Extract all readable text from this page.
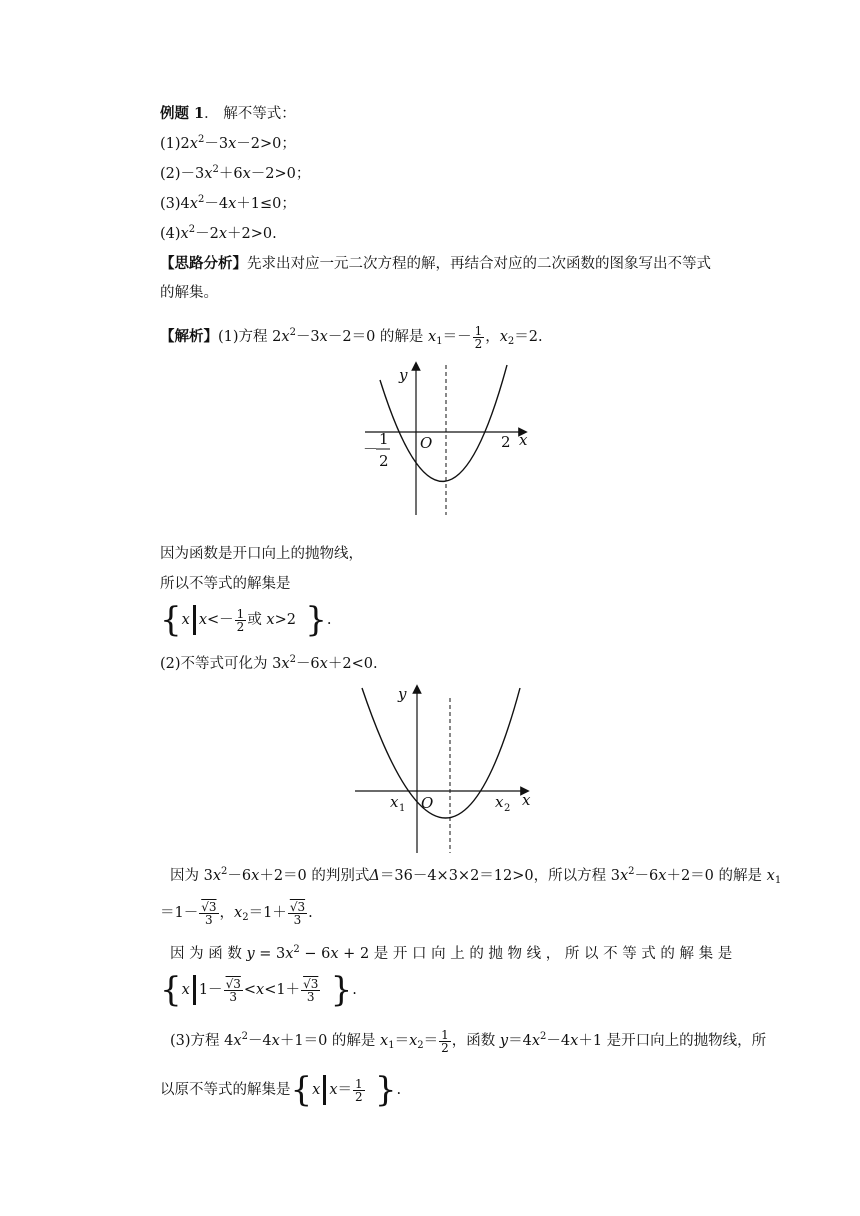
例题 1． 解不等式：
$(1)2x^2-3x-2>0$；
$(2)-3x^2+6x-2>0$；
$(3)4x^2-4x+1\le 0$；
$(4)x^2-2x+2>0$.
【思路分析】先求出对应一元二次方程的解，再结合对应的二次函数的图象写出不等式
的解集。
【解析】(1)方程 $2x^2-3x-2=0$ 的解是 $x_1=- \frac{1}{2}$ ，$x_2=2$.
y
x
O
－
1
2
2
因为函数是开口向上的抛物线，
所以不等式的解集是
{x $x<- \frac{1}{2}$ 或 x>2 }.
(2)不等式可化为 $3x^2-6x+2<0$.
y
x
O
x 1	x 2
因为 $3x^2-6x+2=0$ 的判别式Δ＝36－4×3×2＝12>0，所以方程 $3x^2-6x+2=0$ 的解是 $x_1$
$=1- \frac{√3}{3}$ ，$x_2=1+ \frac{√3}{3}$ .
因 为 函 数 $y = 3x^2 - 6x + 2$ 是 开 口 向 上 的 抛 物 线 ， 所 以 不 等 式 的 解 集 是
{x $1- \frac{√3}{3} <x<1+ \frac{√3}{3}$ }.
(3)方程 $4x^2-4x+1=0$ 的解是 $x_1=x_2= \frac{1}{2}$ ，函数 $y=4x^2-4x+1$ 是开口向上的抛物线，所
以原不等式的解集是{x $x= \frac{1}{2}$ }.
